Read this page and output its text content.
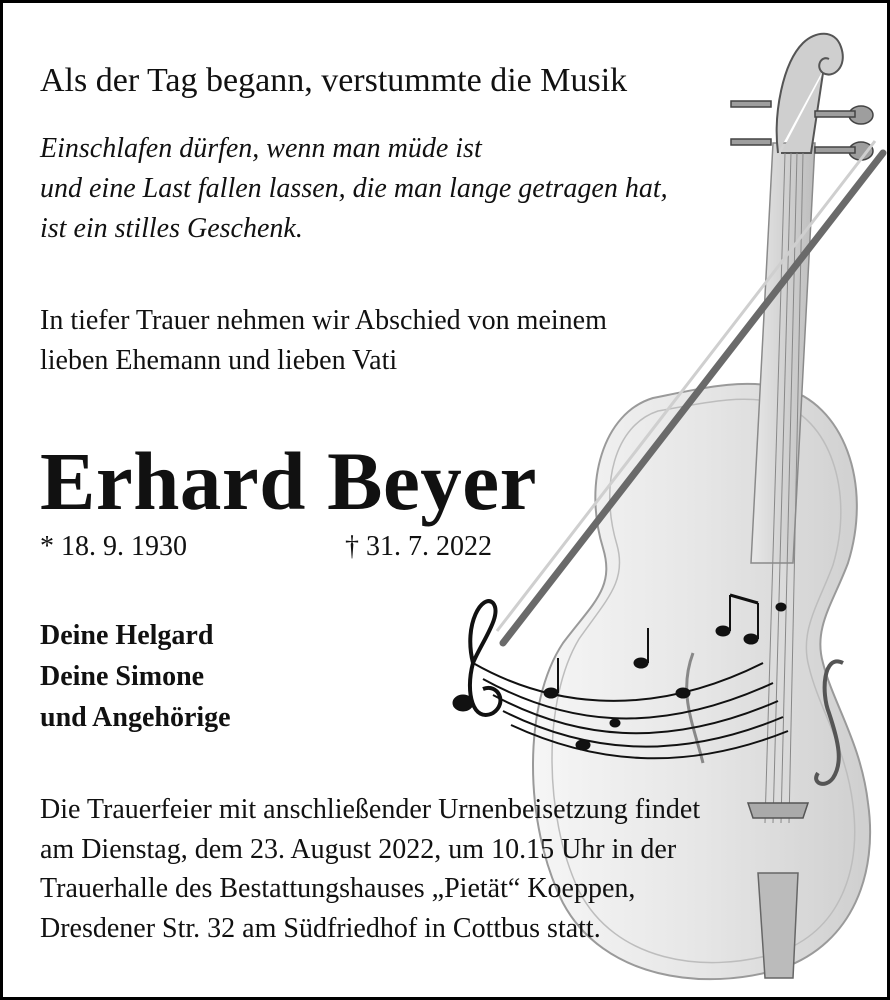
Als der Tag begann, verstummte die Musik
Einschlafen dürfen, wenn man müde ist
und eine Last fallen lassen, die man lange getragen hat,
ist ein stilles Geschenk.
In tiefer Trauer nehmen wir Abschied von meinem
lieben Ehemann und lieben Vati
Erhard Beyer
* 18. 9. 1930	† 31. 7. 2022
Deine Helgard
Deine Simone
und Angehörige
Die Trauerfeier mit anschließender Urnenbeisetzung findet
am Dienstag, dem 23. August 2022, um 10.15 Uhr in der
Trauerhalle des Bestattungshauses „Pietät“ Koeppen,
Dresdener Str. 32 am Südfriedhof in Cottbus statt.
